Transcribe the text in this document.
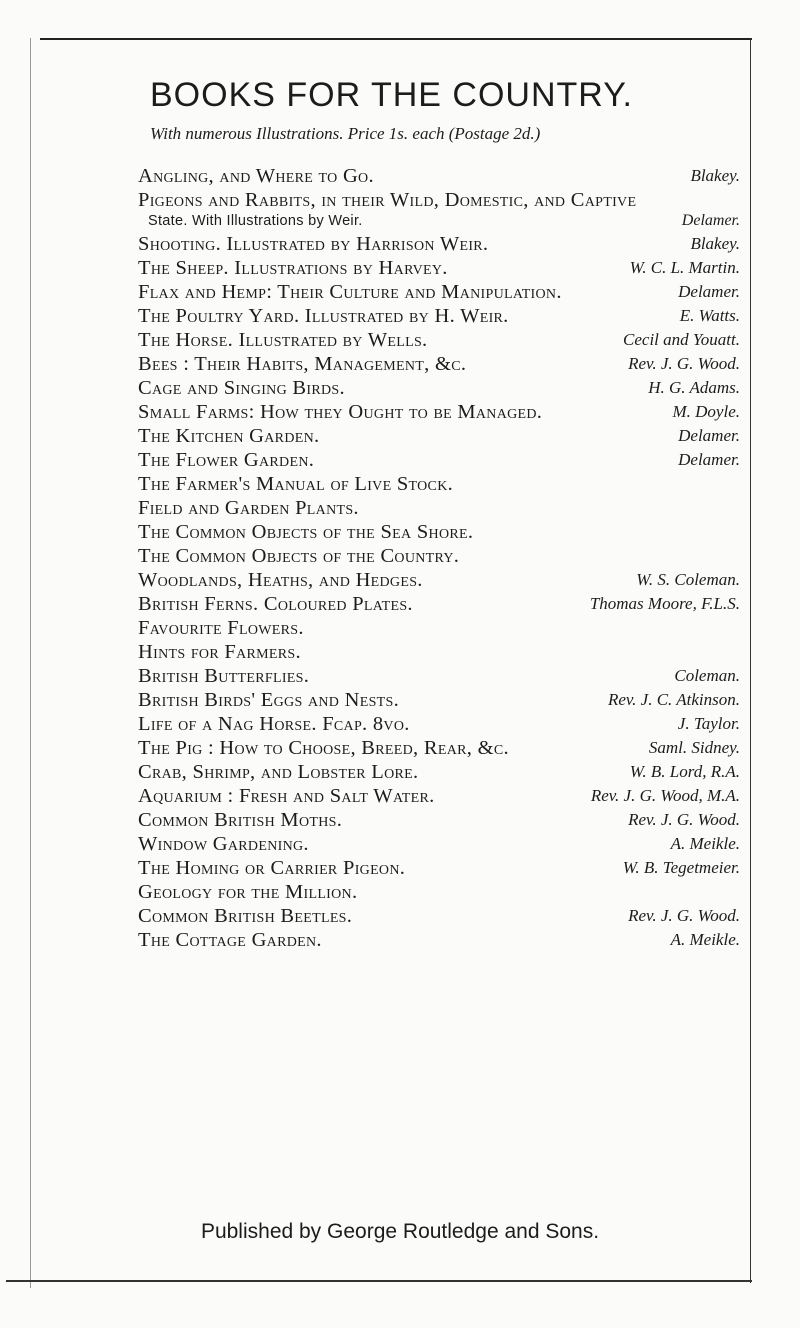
BOOKS FOR THE COUNTRY.
With numerous Illustrations. Price 1s. each (Postage 2d.)
Angling, and Where to Go.	Blakey.
Pigeons and Rabbits, in their Wild, Domestic, and Captive
State. With Illustrations by Weir.	Delamer.
Shooting. Illustrated by Harrison Weir.	Blakey.
The Sheep. Illustrations by Harvey.	W. C. L. Martin.
Flax and Hemp: Their Culture and Manipulation.	Delamer.
The Poultry Yard. Illustrated by H. Weir.	E. Watts.
The Horse. Illustrated by Wells.	Cecil and Youatt.
Bees : Their Habits, Management, &c.	Rev. J. G. Wood.
Cage and Singing Birds.	H. G. Adams.
Small Farms: How they Ought to be Managed.	M. Doyle.
The Kitchen Garden.	Delamer.
The Flower Garden.	Delamer.
The Farmer's Manual of Live Stock.
Field and Garden Plants.
The Common Objects of the Sea Shore.
The Common Objects of the Country.
Woodlands, Heaths, and Hedges.	W. S. Coleman.
British Ferns. Coloured Plates.	Thomas Moore, F.L.S.
Favourite Flowers.
Hints for Farmers.
British Butterflies.	Coleman.
British Birds' Eggs and Nests.	Rev. J. C. Atkinson.
Life of a Nag Horse. Fcap. 8vo.	J. Taylor.
The Pig : How to Choose, Breed, Rear, &c.	Saml. Sidney.
Crab, Shrimp, and Lobster Lore.	W. B. Lord, R.A.
Aquarium : Fresh and Salt Water.	Rev. J. G. Wood, M.A.
Common British Moths.	Rev. J. G. Wood.
Window Gardening.	A. Meikle.
The Homing or Carrier Pigeon.	W. B. Tegetmeier.
Geology for the Million.
Common British Beetles.	Rev. J. G. Wood.
The Cottage Garden.	A. Meikle.
Published by George Routledge and Sons.
